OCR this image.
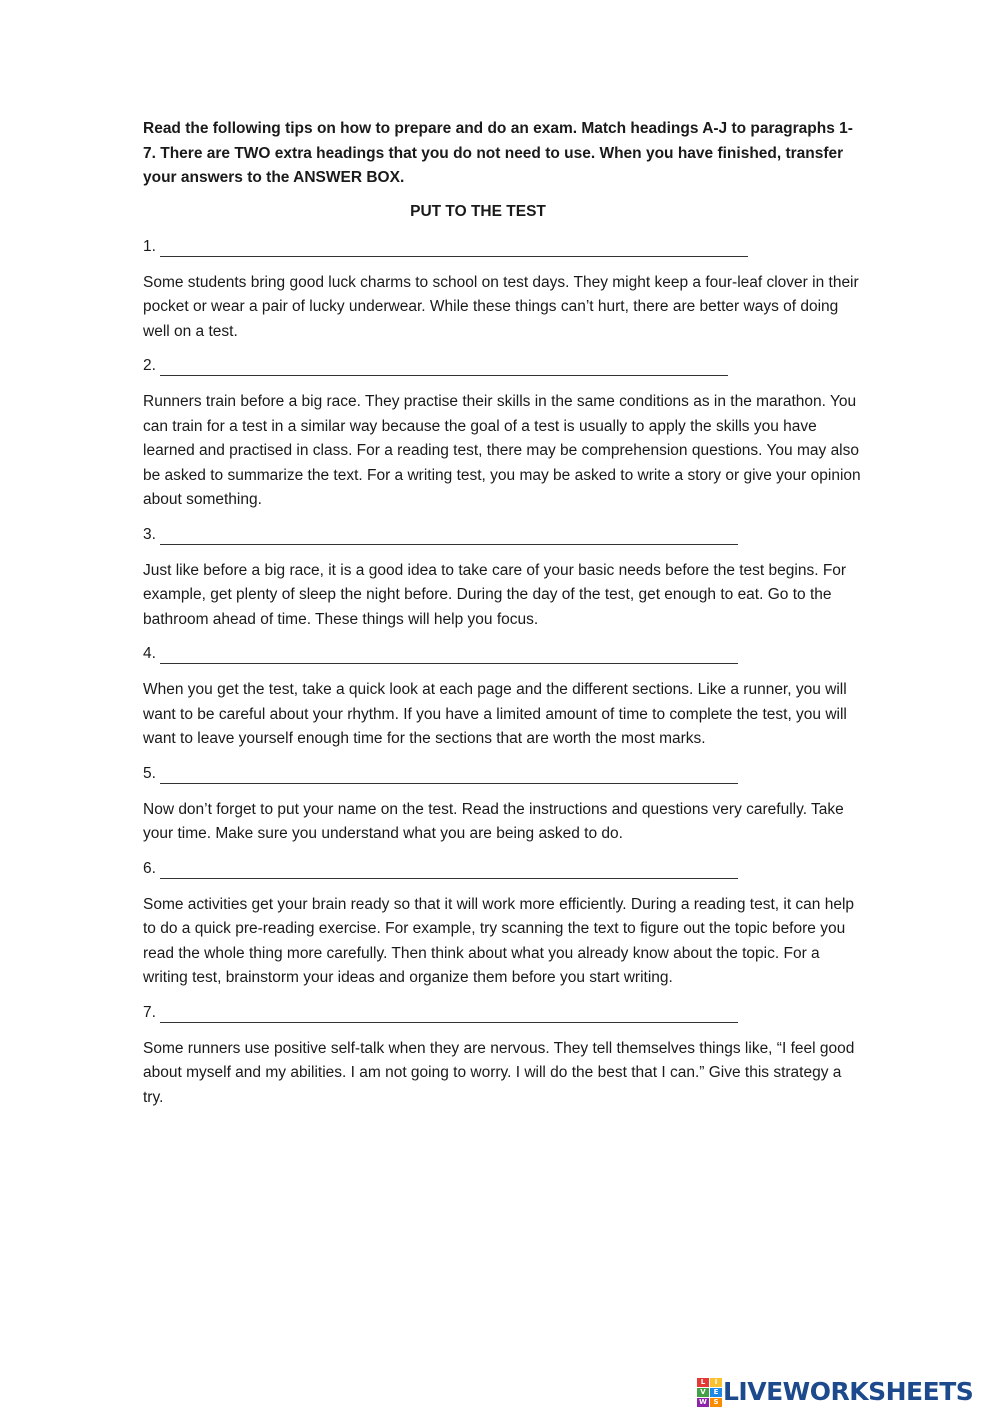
Read the following tips on how to prepare and do an exam. Match headings A-J to paragraphs 1-7. There are TWO extra headings that you do not need to use. When you have finished, transfer your answers to the ANSWER BOX.

PUT TO THE TEST
1.

Some students bring good luck charms to school on test days. They might keep a four-leaf clover in their pocket or wear a pair of lucky underwear. While these things can’t hurt, there are better ways of doing well on a test.

2.

Runners train before a big race. They practise their skills in the same conditions as in the marathon. You can train for a test in a similar way because the goal of a test is usually to apply the skills you have learned and practised in class. For a reading test, there may be comprehension questions. You may also be asked to summarize the text. For a writing test, you may be asked to write a story or give your opinion about something.

3.

Just like before a big race, it is a good idea to take care of your basic needs before the test begins. For example, get plenty of sleep the night before. During the day of the test, get enough to eat. Go to the bathroom ahead of time. These things will help you focus.

4.

When you get the test, take a quick look at each page and the different sections. Like a runner, you will want to be careful about your rhythm. If you have a limited amount of time to complete the test, you will want to leave yourself enough time for the sections that are worth the most marks.

5.

Now don’t forget to put your name on the test. Read the instructions and questions very carefully. Take your time. Make sure you understand what you are being asked to do.

6.

Some activities get your brain ready so that it will work more efficiently. During a reading test, it can help to do a quick pre-reading exercise. For example, try scanning the text to figure out the topic before you read the whole thing more carefully. Then think about what you already know about the topic. For a writing test, brainstorm your ideas and organize them before you start writing.

7.

Some runners use positive self-talk when they are nervous. They tell themselves things like, “I feel good about myself and my abilities. I am not going to worry. I will do the best that I can.” Give this strategy a try.

L	I
V	E
W S LIVEWORKSHEETS
